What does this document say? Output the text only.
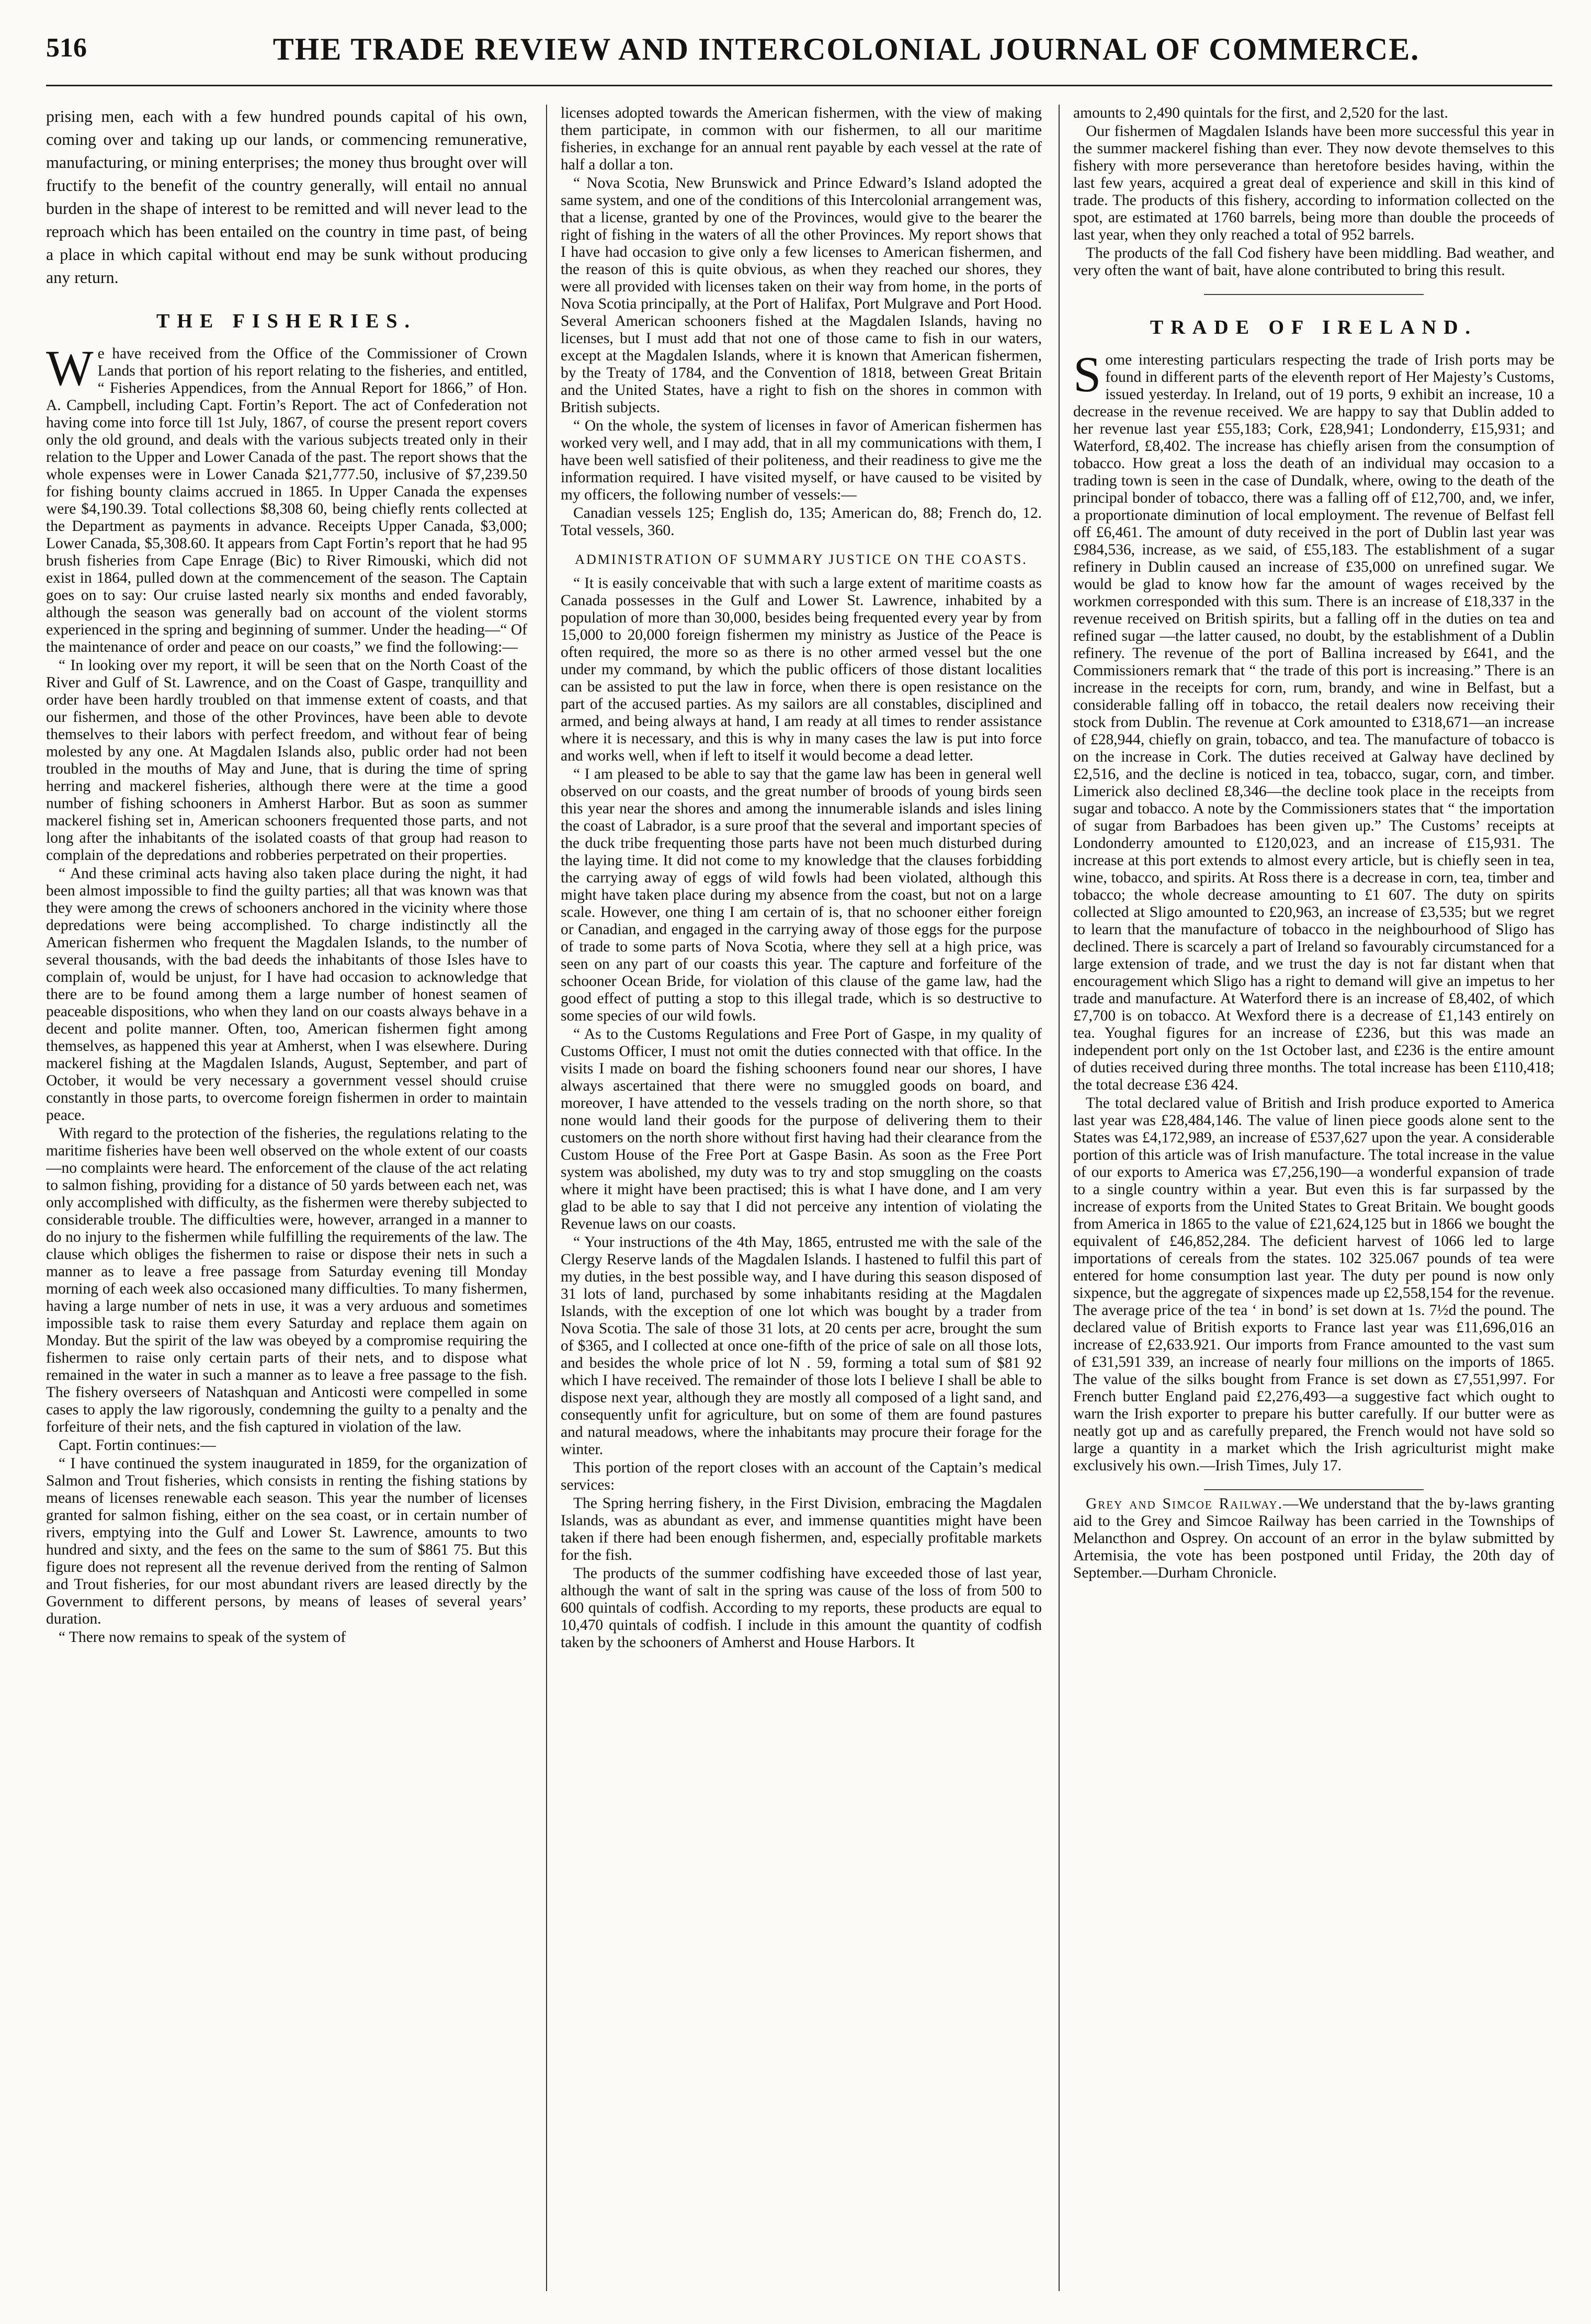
516	THE TRADE REVIEW AND INTERCOLONIAL JOURNAL OF COMMERCE.

prising men, each with a few hundred pounds capital of his own, coming over and taking up our lands, or commencing remunerative, manufacturing, or mining enterprises; the money thus brought over will fructify to the benefit of the country generally, will entail no annual burden in the shape of interest to be remitted and will never lead to the reproach which has been entailed on the country in time past, of being a place in which capital without end may be sunk without producing any return.

THE FISHERIES.

We have received from the Office of the Commissioner of Crown Lands that portion of his report relating to the fisheries, and entitled, “ Fisheries Appendices, from the Annual Report for 1866,” of Hon. A. Campbell, including Capt. Fortin’s Report. The act of Confederation not having come into force till 1st July, 1867, of course the present report covers only the old ground, and deals with the various subjects treated only in their relation to the Upper and Lower Canada of the past. The report shows that the whole expenses were in Lower Canada $21,777.50, inclusive of $7,239.50 for fishing bounty claims accrued in 1865. In Upper Canada the expenses were $4,190.39. Total collections $8,308 60, being chiefly rents collected at the Department as payments in advance. Receipts Upper Canada, $3,000; Lower Canada, $5,308.60. It appears from Capt Fortin’s report that he had 95 brush fisheries from Cape Enrage (Bic) to River Rimouski, which did not exist in 1864, pulled down at the commencement of the season. The Captain goes on to say: Our cruise lasted nearly six months and ended favorably, although the season was generally bad on account of the violent storms experienced in the spring and beginning of summer. Under the heading—“ Of the maintenance of order and peace on our coasts,” we find the following:—

“ In looking over my report, it will be seen that on the North Coast of the River and Gulf of St. Lawrence, and on the Coast of Gaspe, tranquillity and order have been hardly troubled on that immense extent of coasts, and that our fishermen, and those of the other Provinces, have been able to devote themselves to their labors with perfect freedom, and without fear of being molested by any one. At Magdalen Islands also, public order had not been troubled in the mouths of May and June, that is during the time of spring herring and mackerel fisheries, although there were at the time a good number of fishing schooners in Amherst Harbor. But as soon as summer mackerel fishing set in, American schooners frequented those parts, and not long after the inhabitants of the isolated coasts of that group had reason to complain of the depredations and robberies perpetrated on their properties.

“ And these criminal acts having also taken place during the night, it had been almost impossible to find the guilty parties; all that was known was that they were among the crews of schooners anchored in the vicinity where those depredations were being accomplished. To charge indistinctly all the American fishermen who frequent the Magdalen Islands, to the number of several thousands, with the bad deeds the inhabitants of those Isles have to complain of, would be unjust, for I have had occasion to acknowledge that there are to be found among them a large number of honest seamen of peaceable dispositions, who when they land on our coasts always behave in a decent and polite manner. Often, too, American fishermen fight among themselves, as happened this year at Amherst, when I was elsewhere. During mackerel fishing at the Magdalen Islands, August, September, and part of October, it would be very necessary a government vessel should cruise constantly in those parts, to overcome foreign fishermen in order to maintain peace.

With regard to the protection of the fisheries, the regulations relating to the maritime fisheries have been well observed on the whole extent of our coasts —no complaints were heard. The enforcement of the clause of the act relating to salmon fishing, providing for a distance of 50 yards between each net, was only accomplished with difficulty, as the fishermen were thereby subjected to considerable trouble. The difficulties were, however, arranged in a manner to do no injury to the fishermen while fulfilling the requirements of the law. The clause which obliges the fishermen to raise or dispose their nets in such a manner as to leave a free passage from Saturday evening till Monday morning of each week also occasioned many difficulties. To many fishermen, having a large number of nets in use, it was a very arduous and sometimes impossible task to raise them every Saturday and replace them again on Monday. But the spirit of the law was obeyed by a compromise requiring the fishermen to raise only certain parts of their nets, and to dispose what remained in the water in such a manner as to leave a free passage to the fish. The fishery overseers of Natashquan and Anticosti were compelled in some cases to apply the law rigorously, condemning the guilty to a penalty and the forfeiture of their nets, and the fish captured in violation of the law.

Capt. Fortin continues:—

“ I have continued the system inaugurated in 1859, for the organization of Salmon and Trout fisheries, which consists in renting the fishing stations by means of licenses renewable each season. This year the number of licenses granted for salmon fishing, either on the sea coast, or in certain number of rivers, emptying into the Gulf and Lower St. Lawrence, amounts to two hundred and sixty, and the fees on the same to the sum of $861 75. But this figure does not represent all the revenue derived from the renting of Salmon and Trout fisheries, for our most abundant rivers are leased directly by the Government to different persons, by means of leases of several years’ duration.

“ There now remains to speak of the system of

licenses adopted towards the American fishermen, with the view of making them participate, in common with our fishermen, to all our maritime fisheries, in exchange for an annual rent payable by each vessel at the rate of half a dollar a ton.

“ Nova Scotia, New Brunswick and Prince Edward’s Island adopted the same system, and one of the conditions of this Intercolonial arrangement was, that a license, granted by one of the Provinces, would give to the bearer the right of fishing in the waters of all the other Provinces. My report shows that I have had occasion to give only a few licenses to American fishermen, and the reason of this is quite obvious, as when they reached our shores, they were all provided with licenses taken on their way from home, in the ports of Nova Scotia principally, at the Port of Halifax, Port Mulgrave and Port Hood. Several American schooners fished at the Magdalen Islands, having no licenses, but I must add that not one of those came to fish in our waters, except at the Magdalen Islands, where it is known that American fishermen, by the Treaty of 1784, and the Convention of 1818, between Great Britain and the United States, have a right to fish on the shores in common with British subjects.

“ On the whole, the system of licenses in favor of American fishermen has worked very well, and I may add, that in all my communications with them, I have been well satisfied of their politeness, and their readiness to give me the information required. I have visited myself, or have caused to be visited by my officers, the following number of vessels:—

Canadian vessels 125; English do, 135; American do, 88; French do, 12. Total vessels, 360.

ADMINISTRATION OF SUMMARY JUSTICE ON THE COASTS.

“ It is easily conceivable that with such a large extent of maritime coasts as Canada possesses in the Gulf and Lower St. Lawrence, inhabited by a population of more than 30,000, besides being frequented every year by from 15,000 to 20,000 foreign fishermen my ministry as Justice of the Peace is often required, the more so as there is no other armed vessel but the one under my command, by which the public officers of those distant localities can be assisted to put the law in force, when there is open resistance on the part of the accused parties. As my sailors are all constables, disciplined and armed, and being always at hand, I am ready at all times to render assistance where it is necessary, and this is why in many cases the law is put into force and works well, when if left to itself it would become a dead letter.

“ I am pleased to be able to say that the game law has been in general well observed on our coasts, and the great number of broods of young birds seen this year near the shores and among the innumerable islands and isles lining the coast of Labrador, is a sure proof that the several and important species of the duck tribe frequenting those parts have not been much disturbed during the laying time. It did not come to my knowledge that the clauses forbidding the carrying away of eggs of wild fowls had been violated, although this might have taken place during my absence from the coast, but not on a large scale. However, one thing I am certain of is, that no schooner either foreign or Canadian, and engaged in the carrying away of those eggs for the purpose of trade to some parts of Nova Scotia, where they sell at a high price, was seen on any part of our coasts this year. The capture and forfeiture of the schooner Ocean Bride, for violation of this clause of the game law, had the good effect of putting a stop to this illegal trade, which is so destructive to some species of our wild fowls.

“ As to the Customs Regulations and Free Port of Gaspe, in my quality of Customs Officer, I must not omit the duties connected with that office. In the visits I made on board the fishing schooners found near our shores, I have always ascertained that there were no smuggled goods on board, and moreover, I have attended to the vessels trading on the north shore, so that none would land their goods for the purpose of delivering them to their customers on the north shore without first having had their clearance from the Custom House of the Free Port at Gaspe Basin. As soon as the Free Port system was abolished, my duty was to try and stop smuggling on the coasts where it might have been practised; this is what I have done, and I am very glad to be able to say that I did not perceive any intention of violating the Revenue laws on our coasts.

“ Your instructions of the 4th May, 1865, entrusted me with the sale of the Clergy Reserve lands of the Magdalen Islands. I hastened to fulfil this part of my duties, in the best possible way, and I have during this season disposed of 31 lots of land, purchased by some inhabitants residing at the Magdalen Islands, with the exception of one lot which was bought by a trader from Nova Scotia. The sale of those 31 lots, at 20 cents per acre, brought the sum of $365, and I collected at once one-fifth of the price of sale on all those lots, and besides the whole price of lot N . 59, forming a total sum of $81 92 which I have received. The remainder of those lots I believe I shall be able to dispose next year, although they are mostly all composed of a light sand, and consequently unfit for agriculture, but on some of them are found pastures and natural meadows, where the inhabitants may procure their forage for the winter.

This portion of the report closes with an account of the Captain’s medical services:

The Spring herring fishery, in the First Division, embracing the Magdalen Islands, was as abundant as ever, and immense quantities might have been taken if there had been enough fishermen, and, especially profitable markets for the fish.

The products of the summer codfishing have exceeded those of last year, although the want of salt in the spring was cause of the loss of from 500 to 600 quintals of codfish. According to my reports, these products are equal to 10,470 quintals of codfish. I include in this amount the quantity of codfish taken by the schooners of Amherst and House Harbors. It

amounts to 2,490 quintals for the first, and 2,520 for the last.

Our fishermen of Magdalen Islands have been more successful this year in the summer mackerel fishing than ever. They now devote themselves to this fishery with more perseverance than heretofore besides having, within the last few years, acquired a great deal of experience and skill in this kind of trade. The products of this fishery, according to information collected on the spot, are estimated at 1760 barrels, being more than double the proceeds of last year, when they only reached a total of 952 barrels.

The products of the fall Cod fishery have been middling. Bad weather, and very often the want of bait, have alone contributed to bring this result.

TRADE OF IRELAND.

Some interesting particulars respecting the trade of Irish ports may be found in different parts of the eleventh report of Her Majesty’s Customs, issued yesterday. In Ireland, out of 19 ports, 9 exhibit an increase, 10 a decrease in the revenue received. We are happy to say that Dublin added to her revenue last year £55,183; Cork, £28,941; Londonderry, £15,931; and Waterford, £8,402. The increase has chiefly arisen from the consumption of tobacco. How great a loss the death of an individual may occasion to a trading town is seen in the case of Dundalk, where, owing to the death of the principal bonder of tobacco, there was a falling off of £12,700, and, we infer, a proportionate diminution of local employment. The revenue of Belfast fell off £6,461. The amount of duty received in the port of Dublin last year was £984,536, increase, as we said, of £55,183. The establishment of a sugar refinery in Dublin caused an increase of £35,000 on unrefined sugar. We would be glad to know how far the amount of wages received by the workmen corresponded with this sum. There is an increase of £18,337 in the revenue received on British spirits, but a falling off in the duties on tea and refined sugar —the latter caused, no doubt, by the establishment of a Dublin refinery. The revenue of the port of Ballina increased by £641, and the Commissioners remark that “ the trade of this port is increasing.” There is an increase in the receipts for corn, rum, brandy, and wine in Belfast, but a considerable falling off in tobacco, the retail dealers now receiving their stock from Dublin. The revenue at Cork amounted to £318,671—an increase of £28,944, chiefly on grain, tobacco, and tea. The manufacture of tobacco is on the increase in Cork. The duties received at Galway have declined by £2,516, and the decline is noticed in tea, tobacco, sugar, corn, and timber. Limerick also declined £8,346—the decline took place in the receipts from sugar and tobacco. A note by the Commissioners states that “ the importation of sugar from Barbadoes has been given up.” The Customs’ receipts at Londonderry amounted to £120,023, and an increase of £15,931. The increase at this port extends to almost every article, but is chiefly seen in tea, wine, tobacco, and spirits. At Ross there is a decrease in corn, tea, timber and tobacco; the whole decrease amounting to £1 607. The duty on spirits collected at Sligo amounted to £20,963, an increase of £3,535; but we regret to learn that the manufacture of tobacco in the neighbourhood of Sligo has declined. There is scarcely a part of Ireland so favourably circumstanced for a large extension of trade, and we trust the day is not far distant when that encouragement which Sligo has a right to demand will give an impetus to her trade and manufacture. At Waterford there is an increase of £8,402, of which £7,700 is on tobacco. At Wexford there is a decrease of £1,143 entirely on tea. Youghal figures for an increase of £236, but this was made an independent port only on the 1st October last, and £236 is the entire amount of duties received during three months. The total increase has been £110,418; the total decrease £36 424.

The total declared value of British and Irish produce exported to America last year was £28,484,146. The value of linen piece goods alone sent to the States was £4,172,989, an increase of £537,627 upon the year. A considerable portion of this article was of Irish manufacture. The total increase in the value of our exports to America was £7,256,190—a wonderful expansion of trade to a single country within a year. But even this is far surpassed by the increase of exports from the United States to Great Britain. We bought goods from America in 1865 to the value of £21,624,125 but in 1866 we bought the equivalent of £46,852,284. The deficient harvest of 1066 led to large importations of cereals from the states. 102 325.067 pounds of tea were entered for home consumption last year. The duty per pound is now only sixpence, but the aggregate of sixpences made up £2,558,154 for the revenue. The average price of the tea ‘ in bond’ is set down at 1s. 7½d the pound. The declared value of British exports to France last year was £11,696,016 an increase of £2,633.921. Our imports from France amounted to the vast sum of £31,591 339, an increase of nearly four millions on the imports of 1865. The value of the silks bought from France is set down as £7,551,997. For French butter England paid £2,276,493—a suggestive fact which ought to warn the Irish exporter to prepare his butter carefully. If our butter were as neatly got up and as carefully prepared, the French would not have sold so large a quantity in a market which the Irish agriculturist might make exclusively his own.—Irish Times, July 17.

Grey and Simcoe Railway.—We understand that the by-laws granting aid to the Grey and Simcoe Railway has been carried in the Townships of Melancthon and Osprey. On account of an error in the bylaw submitted by Artemisia, the vote has been postponed until Friday, the 20th day of September.—Durham Chronicle.
